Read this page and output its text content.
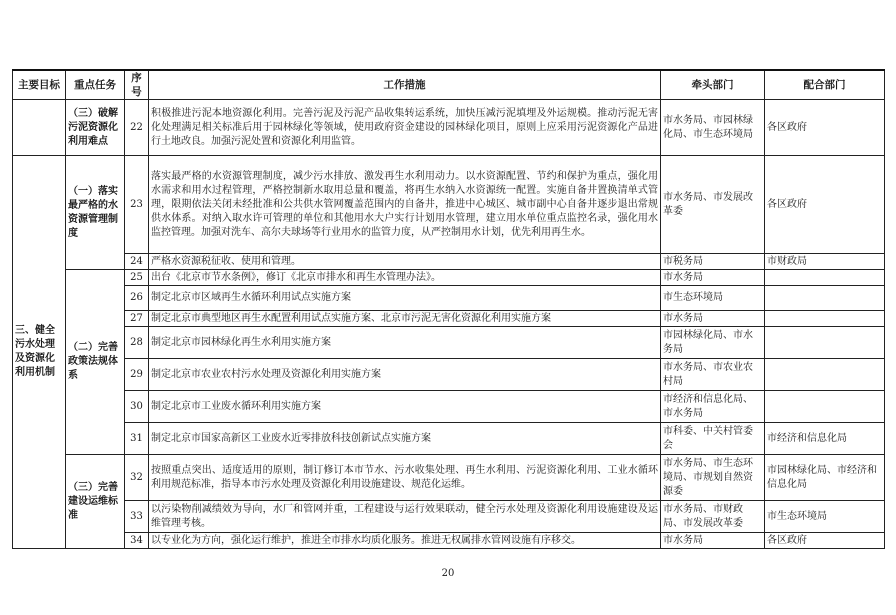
主要目标	重点任务	序号	工作措施	牵头部门	配合部门
	（三）破解污泥资源化利用难点	22	积极推进污泥本地资源化利用。完善污泥及污泥产品收集转运系统，加快压减污泥填埋及外运规模。推动污泥无害化处理满足相关标准后用于园林绿化等领域，使用政府资金建设的园林绿化项目，原则上应采用污泥资源化产品进行土地改良。加强污泥处置和资源化利用监管。	市水务局、市园林绿化局、市生态环境局	各区政府
三、健全污水处理及资源化利用机制	（一）落实最严格的水资源管理制度	23	落实最严格的水资源管理制度，减少污水排放、激发再生水利用动力。以水资源配置、节约和保护为重点，强化用水需求和用水过程管理，严格控制新水取用总量和覆盖，将再生水纳入水资源统一配置。实施自备井置换清单式管理，限期依法关闭未经批准和公共供水管网覆盖范围内的自备井，推进中心城区、城市副中心自备井逐步退出常规供水体系。对纳入取水许可管理的单位和其他用水大户实行计划用水管理，建立用水单位重点监控名录，强化用水监控管理。加强对洗车、高尔夫球场等行业用水的监管力度，从严控制用水计划，优先利用再生水。	市水务局、市发展改革委	各区政府
		24	严格水资源税征收、使用和管理。	市税务局	市财政局
	（二）完善政策法规体系	25	出台《北京市节水条例》，修订《北京市排水和再生水管理办法》。	市水务局	
		26	制定北京市区域再生水循环利用试点实施方案	市生态环境局	
		27	制定北京市典型地区再生水配置利用试点实施方案、北京市污泥无害化资源化利用实施方案	市水务局	
		28	制定北京市园林绿化再生水利用实施方案	市园林绿化局、市水务局	
		29	制定北京市农业农村污水处理及资源化利用实施方案	市水务局、市农业农村局	
		30	制定北京市工业废水循环利用实施方案	市经济和信息化局、市水务局	
		31	制定北京市国家高新区工业废水近零排放科技创新试点实施方案	市科委、中关村管委会	市经济和信息化局
	（三）完善建设运维标准	32	按照重点突出、适度适用的原则，制订修订本市节水、污水收集处理、再生水利用、污泥资源化利用、工业水循环利用规范标准，指导本市污水处理及资源化利用设施建设、规范化运维。	市水务局、市生态环境局、市规划自然资源委	市园林绿化局、市经济和信息化局
		33	以污染物削减绩效为导向，水厂和管网并重，工程建设与运行效果联动，健全污水处理及资源化利用设施建设及运维管理考核。	市水务局、市财政局、市发展改革委	市生态环境局
		34	以专业化为方向，强化运行维护，推进全市排水均质化服务。推进无权属排水管网设施有序移交。	市水务局	各区政府
20
